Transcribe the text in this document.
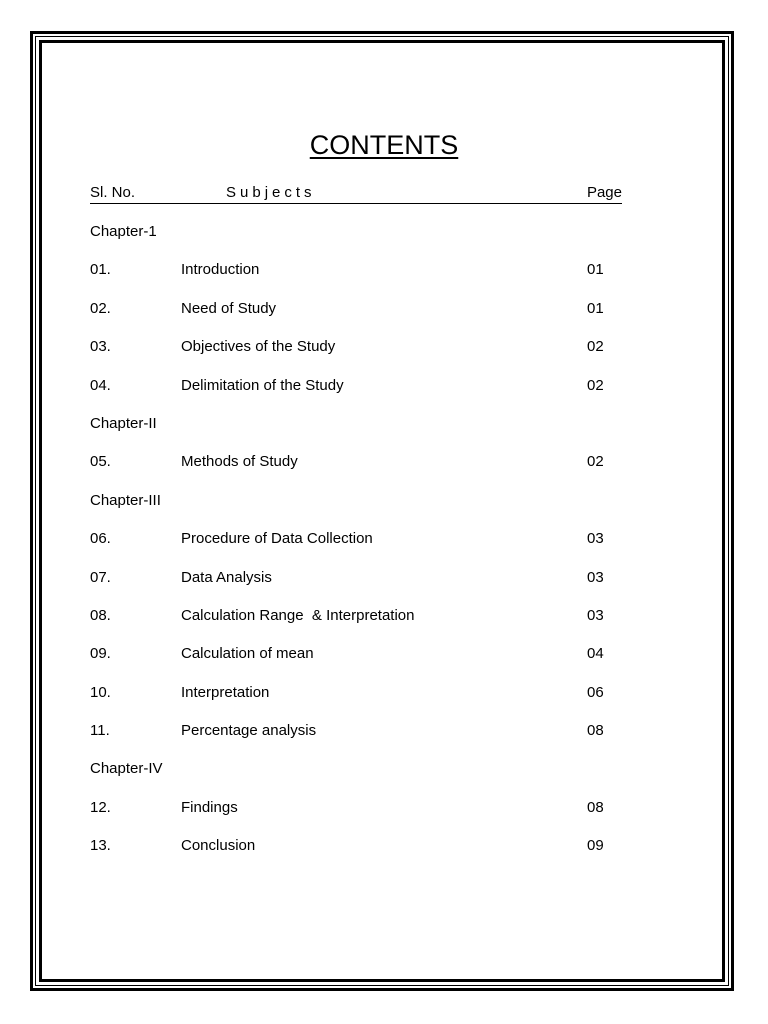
CONTENTS
Sl. No.	Subjects	Page
Chapter-1
01.	Introduction	01
02.	Need of Study	01
03.	Objectives of the Study	02
04.	Delimitation of the Study	02
Chapter-II
05.	Methods of Study	02
Chapter-III
06.	Procedure of Data Collection	03
07.	Data Analysis	03
08.	Calculation Range  & Interpretation	03
09.	Calculation of mean	04
10.	Interpretation	06
11.	Percentage analysis	08
Chapter-IV
12.	Findings	08
13.	Conclusion	09
